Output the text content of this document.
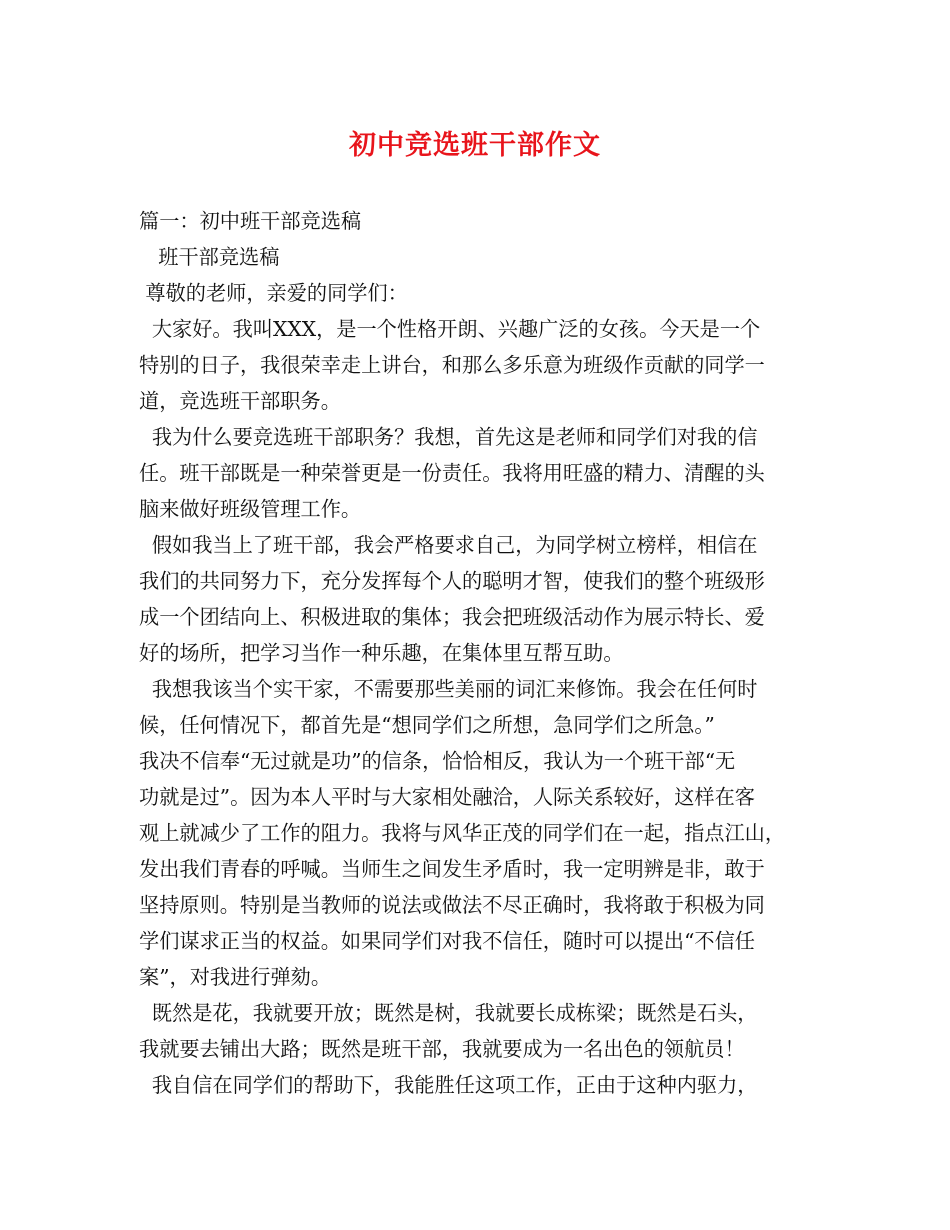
初中竞选班干部作文
篇一：初中班干部竞选稿
班干部竞选稿
尊敬的老师，亲爱的同学们：
大家好。我叫XXX，是一个性格开朗、兴趣广泛的女孩。今天是一个
特别的日子，我很荣幸走上讲台，和那么多乐意为班级作贡献的同学一
道，竞选班干部职务。
我为什么要竞选班干部职务？我想，首先这是老师和同学们对我的信
任。班干部既是一种荣誉更是一份责任。我将用旺盛的精力、清醒的头
脑来做好班级管理工作。
假如我当上了班干部，我会严格要求自己，为同学树立榜样，相信在
我们的共同努力下，充分发挥每个人的聪明才智，使我们的整个班级形
成一个团结向上、积极进取的集体；我会把班级活动作为展示特长、爱
好的场所，把学习当作一种乐趣，在集体里互帮互助。
我想我该当个实干家，不需要那些美丽的词汇来修饰。我会在任何时
候，任何情况下，都首先是“想同学们之所想，急同学们之所急。”
我决不信奉“无过就是功”的信条，恰恰相反，我认为一个班干部“无
功就是过”。因为本人平时与大家相处融洽，人际关系较好，这样在客
观上就减少了工作的阻力。我将与风华正茂的同学们在一起，指点江山，
发出我们青春的呼喊。当师生之间发生矛盾时，我一定明辨是非，敢于
坚持原则。特别是当教师的说法或做法不尽正确时，我将敢于积极为同
学们谋求正当的权益。如果同学们对我不信任，随时可以提出“不信任
案”，对我进行弹劾。
既然是花，我就要开放；既然是树，我就要长成栋梁；既然是石头，
我就要去铺出大路；既然是班干部，我就要成为一名出色的领航员！
我自信在同学们的帮助下，我能胜任这项工作，正由于这种内驱力，
